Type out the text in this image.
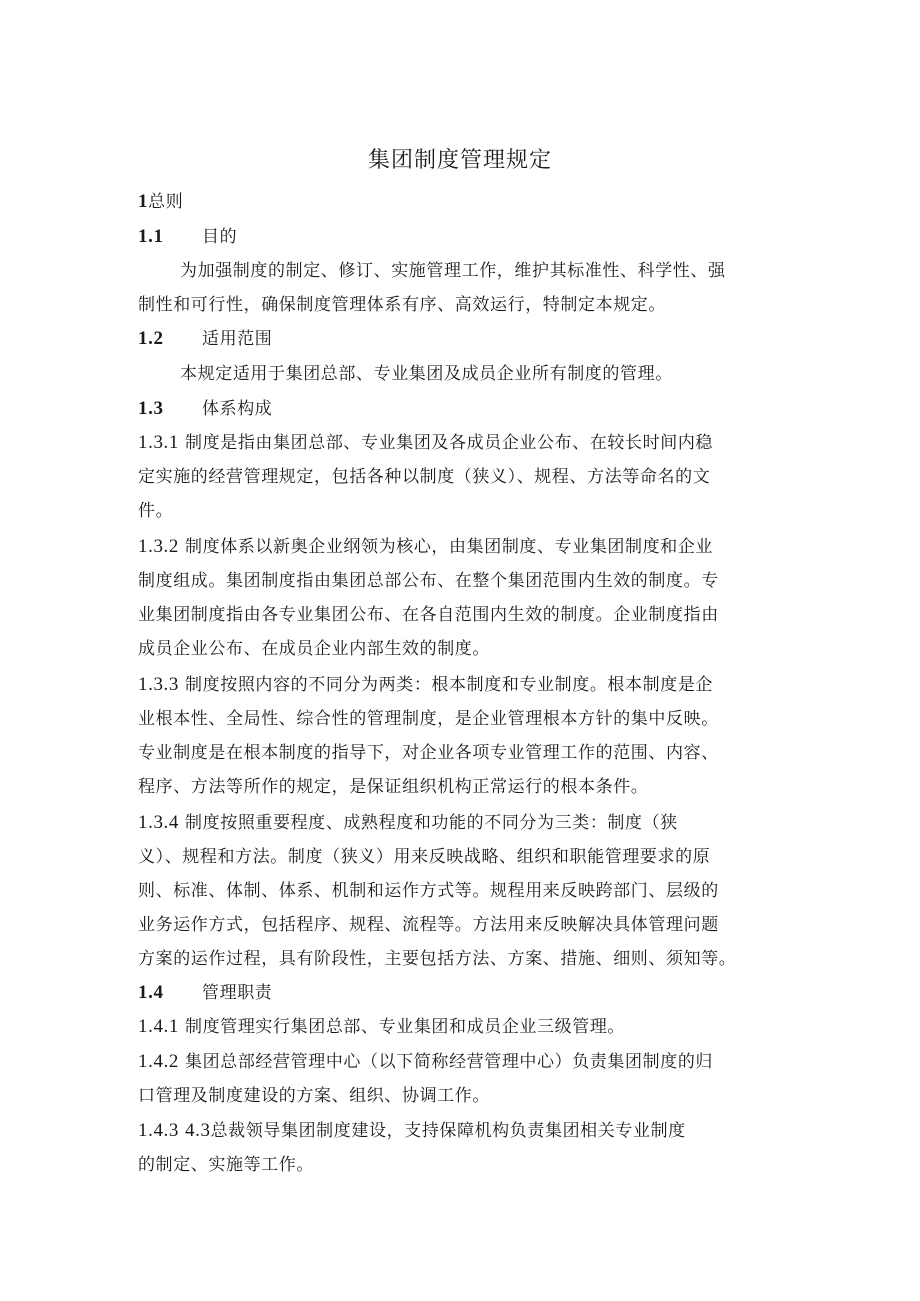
集团制度管理规定
1总则
1.1 目的
为加强制度的制定、修订、实施管理工作，维护其标准性、科学性、强
制性和可行性，确保制度管理体系有序、高效运行，特制定本规定。
1.2 适用范围
本规定适用于集团总部、专业集团及成员企业所有制度的管理。
1.3 体系构成
1.3.1 制度是指由集团总部、专业集团及各成员企业公布、在较长时间内稳
定实施的经营管理规定，包括各种以制度（狭义）、规程、方法等命名的文
件。
1.3.2 制度体系以新奥企业纲领为核心，由集团制度、专业集团制度和企业
制度组成。集团制度指由集团总部公布、在整个集团范围内生效的制度。专
业集团制度指由各专业集团公布、在各自范围内生效的制度。企业制度指由
成员企业公布、在成员企业内部生效的制度。
1.3.3 制度按照内容的不同分为两类：根本制度和专业制度。根本制度是企
业根本性、全局性、综合性的管理制度，是企业管理根本方针的集中反映。
专业制度是在根本制度的指导下，对企业各项专业管理工作的范围、内容、
程序、方法等所作的规定，是保证组织机构正常运行的根本条件。
1.3.4 制度按照重要程度、成熟程度和功能的不同分为三类：制度（狭
义）、规程和方法。制度（狭义）用来反映战略、组织和职能管理要求的原
则、标准、体制、体系、机制和运作方式等。规程用来反映跨部门、层级的
业务运作方式，包括程序、规程、流程等。方法用来反映解决具体管理问题
方案的运作过程，具有阶段性，主要包括方法、方案、措施、细则、须知等。
1.4 管理职责
1.4.1 制度管理实行集团总部、专业集团和成员企业三级管理。
1.4.2 集团总部经营管理中心（以下简称经营管理中心）负责集团制度的归
口管理及制度建设的方案、组织、协调工作。
1.4.3 4.3总裁领导集团制度建设，支持保障机构负责集团相关专业制度
的制定、实施等工作。
